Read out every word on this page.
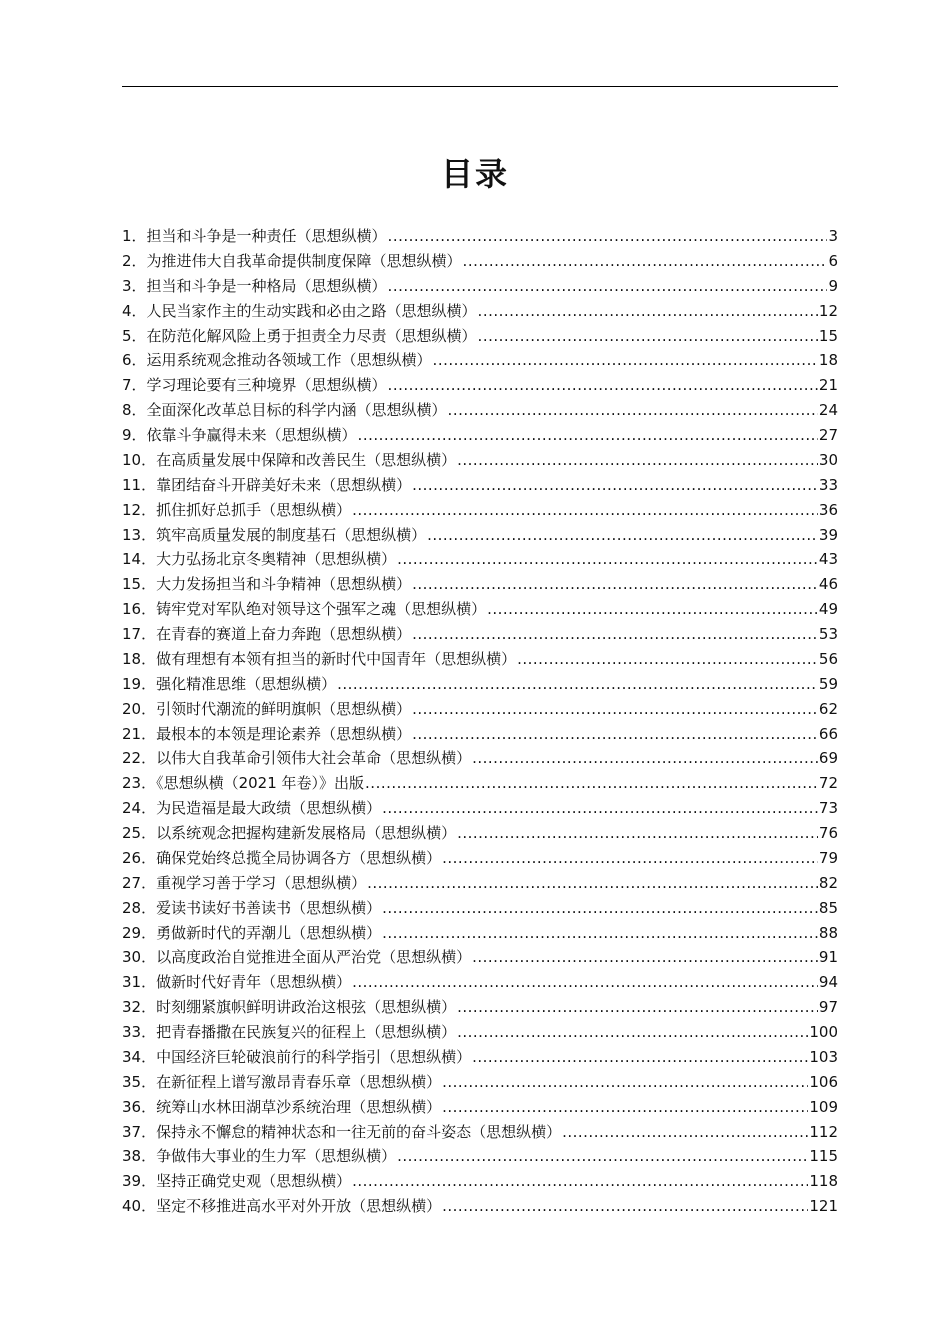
目录
1．担当和斗争是一种责任（思想纵横） .....	3
2．为推进伟大自我革命提供制度保障（思想纵横） .....	6
3．担当和斗争是一种格局（思想纵横） .....	9
4．人民当家作主的生动实践和必由之路（思想纵横） .....	12
5．在防范化解风险上勇于担责全力尽责（思想纵横） .....	15
6．运用系统观念推动各领域工作（思想纵横） .....	18
7．学习理论要有三种境界（思想纵横） .....	21
8．全面深化改革总目标的科学内涵（思想纵横） .....	24
9．依靠斗争赢得未来（思想纵横） .....	27
10．在高质量发展中保障和改善民生（思想纵横） .....	30
11．靠团结奋斗开辟美好未来（思想纵横） .....	33
12．抓住抓好总抓手（思想纵横） .....	36
13．筑牢高质量发展的制度基石（思想纵横） .....	39
14．大力弘扬北京冬奥精神（思想纵横） .....	43
15．大力发扬担当和斗争精神（思想纵横） .....	46
16．铸牢党对军队绝对领导这个强军之魂（思想纵横） .....	49
17．在青春的赛道上奋力奔跑（思想纵横） .....	53
18．做有理想有本领有担当的新时代中国青年（思想纵横） .....	56
19．强化精准思维（思想纵横） .....	59
20．引领时代潮流的鲜明旗帜（思想纵横） .....	62
21．最根本的本领是理论素养（思想纵横） .....	66
22．以伟大自我革命引领伟大社会革命（思想纵横） .....	69
23．《思想纵横（2021 年卷）》出版 .....	72
24．为民造福是最大政绩（思想纵横） .....	73
25．以系统观念把握构建新发展格局（思想纵横） .....	76
26．确保党始终总揽全局协调各方（思想纵横） .....	79
27．重视学习善于学习（思想纵横） .....	82
28．爱读书读好书善读书（思想纵横） .....	85
29．勇做新时代的弄潮儿（思想纵横） .....	88
30．以高度政治自觉推进全面从严治党（思想纵横） .....	91
31．做新时代好青年（思想纵横） .....	94
32．时刻绷紧旗帜鲜明讲政治这根弦（思想纵横） .....	97
33．把青春播撒在民族复兴的征程上（思想纵横） .....	100
34．中国经济巨轮破浪前行的科学指引（思想纵横） .....	103
35．在新征程上谱写激昂青春乐章（思想纵横） .....	106
36．统筹山水林田湖草沙系统治理（思想纵横） .....	109
37．保持永不懈怠的精神状态和一往无前的奋斗姿态（思想纵横） .....	112
38．争做伟大事业的生力军（思想纵横） .....	115
39．坚持正确党史观（思想纵横） .....	118
40．坚定不移推进高水平对外开放（思想纵横） .....	121
